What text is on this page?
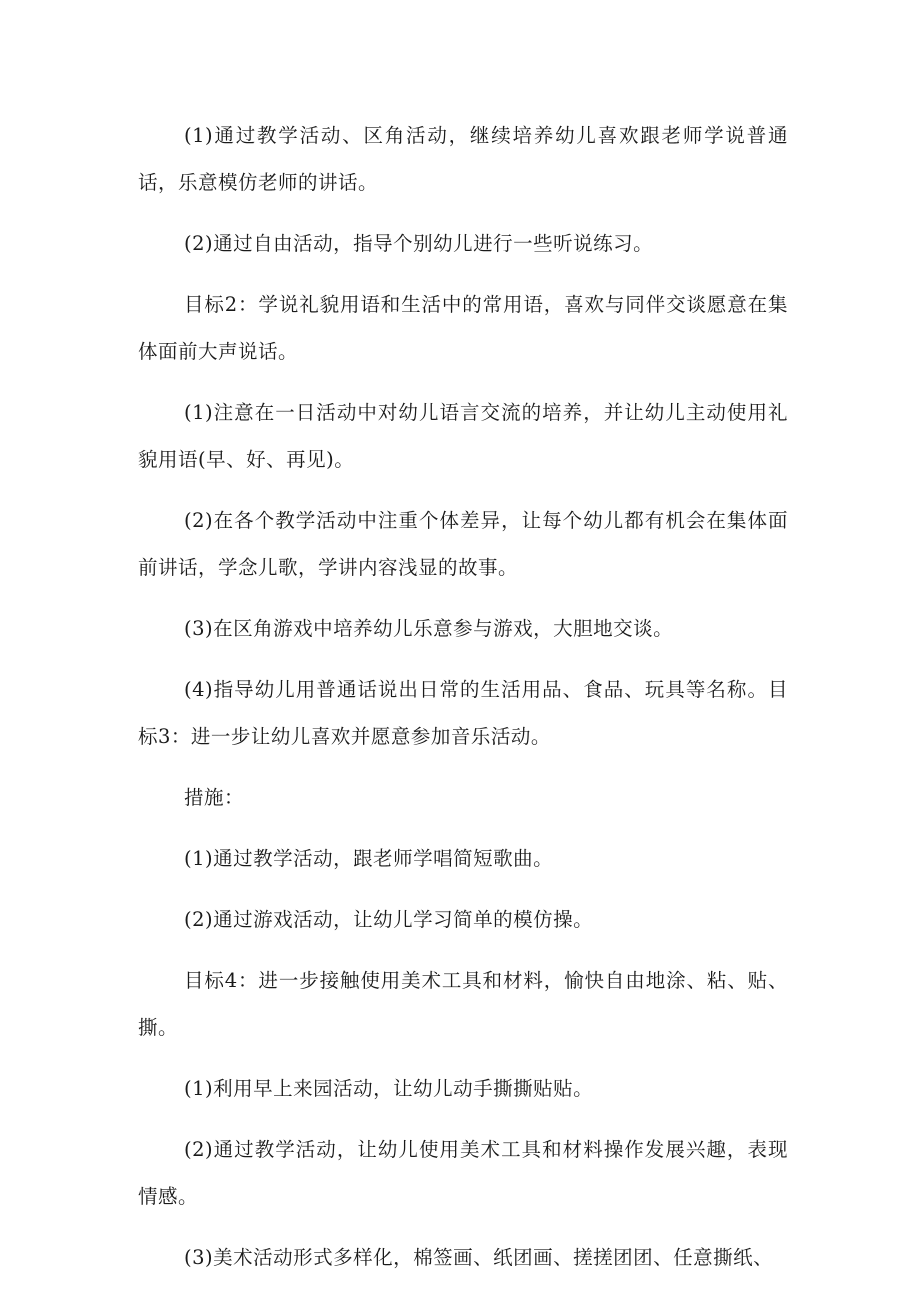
(1)通过教学活动、区角活动，继续培养幼儿喜欢跟老师学说普通话，乐意模仿老师的讲话。

(2)通过自由活动，指导个别幼儿进行一些听说练习。

目标2：学说礼貌用语和生活中的常用语，喜欢与同伴交谈愿意在集体面前大声说话。

(1)注意在一日活动中对幼儿语言交流的培养，并让幼儿主动使用礼貌用语(早、好、再见)。

(2)在各个教学活动中注重个体差异，让每个幼儿都有机会在集体面前讲话，学念儿歌，学讲内容浅显的故事。

(3)在区角游戏中培养幼儿乐意参与游戏，大胆地交谈。

(4)指导幼儿用普通话说出日常的生活用品、食品、玩具等名称。目标3：进一步让幼儿喜欢并愿意参加音乐活动。

措施：

(1)通过教学活动，跟老师学唱简短歌曲。

(2)通过游戏活动，让幼儿学习简单的模仿操。

目标4：进一步接触使用美术工具和材料，愉快自由地涂、粘、贴、撕。

(1)利用早上来园活动，让幼儿动手撕撕贴贴。

(2)通过教学活动，让幼儿使用美术工具和材料操作发展兴趣，表现情感。

(3)美术活动形式多样化，棉签画、纸团画、搓搓团团、任意撕纸、
